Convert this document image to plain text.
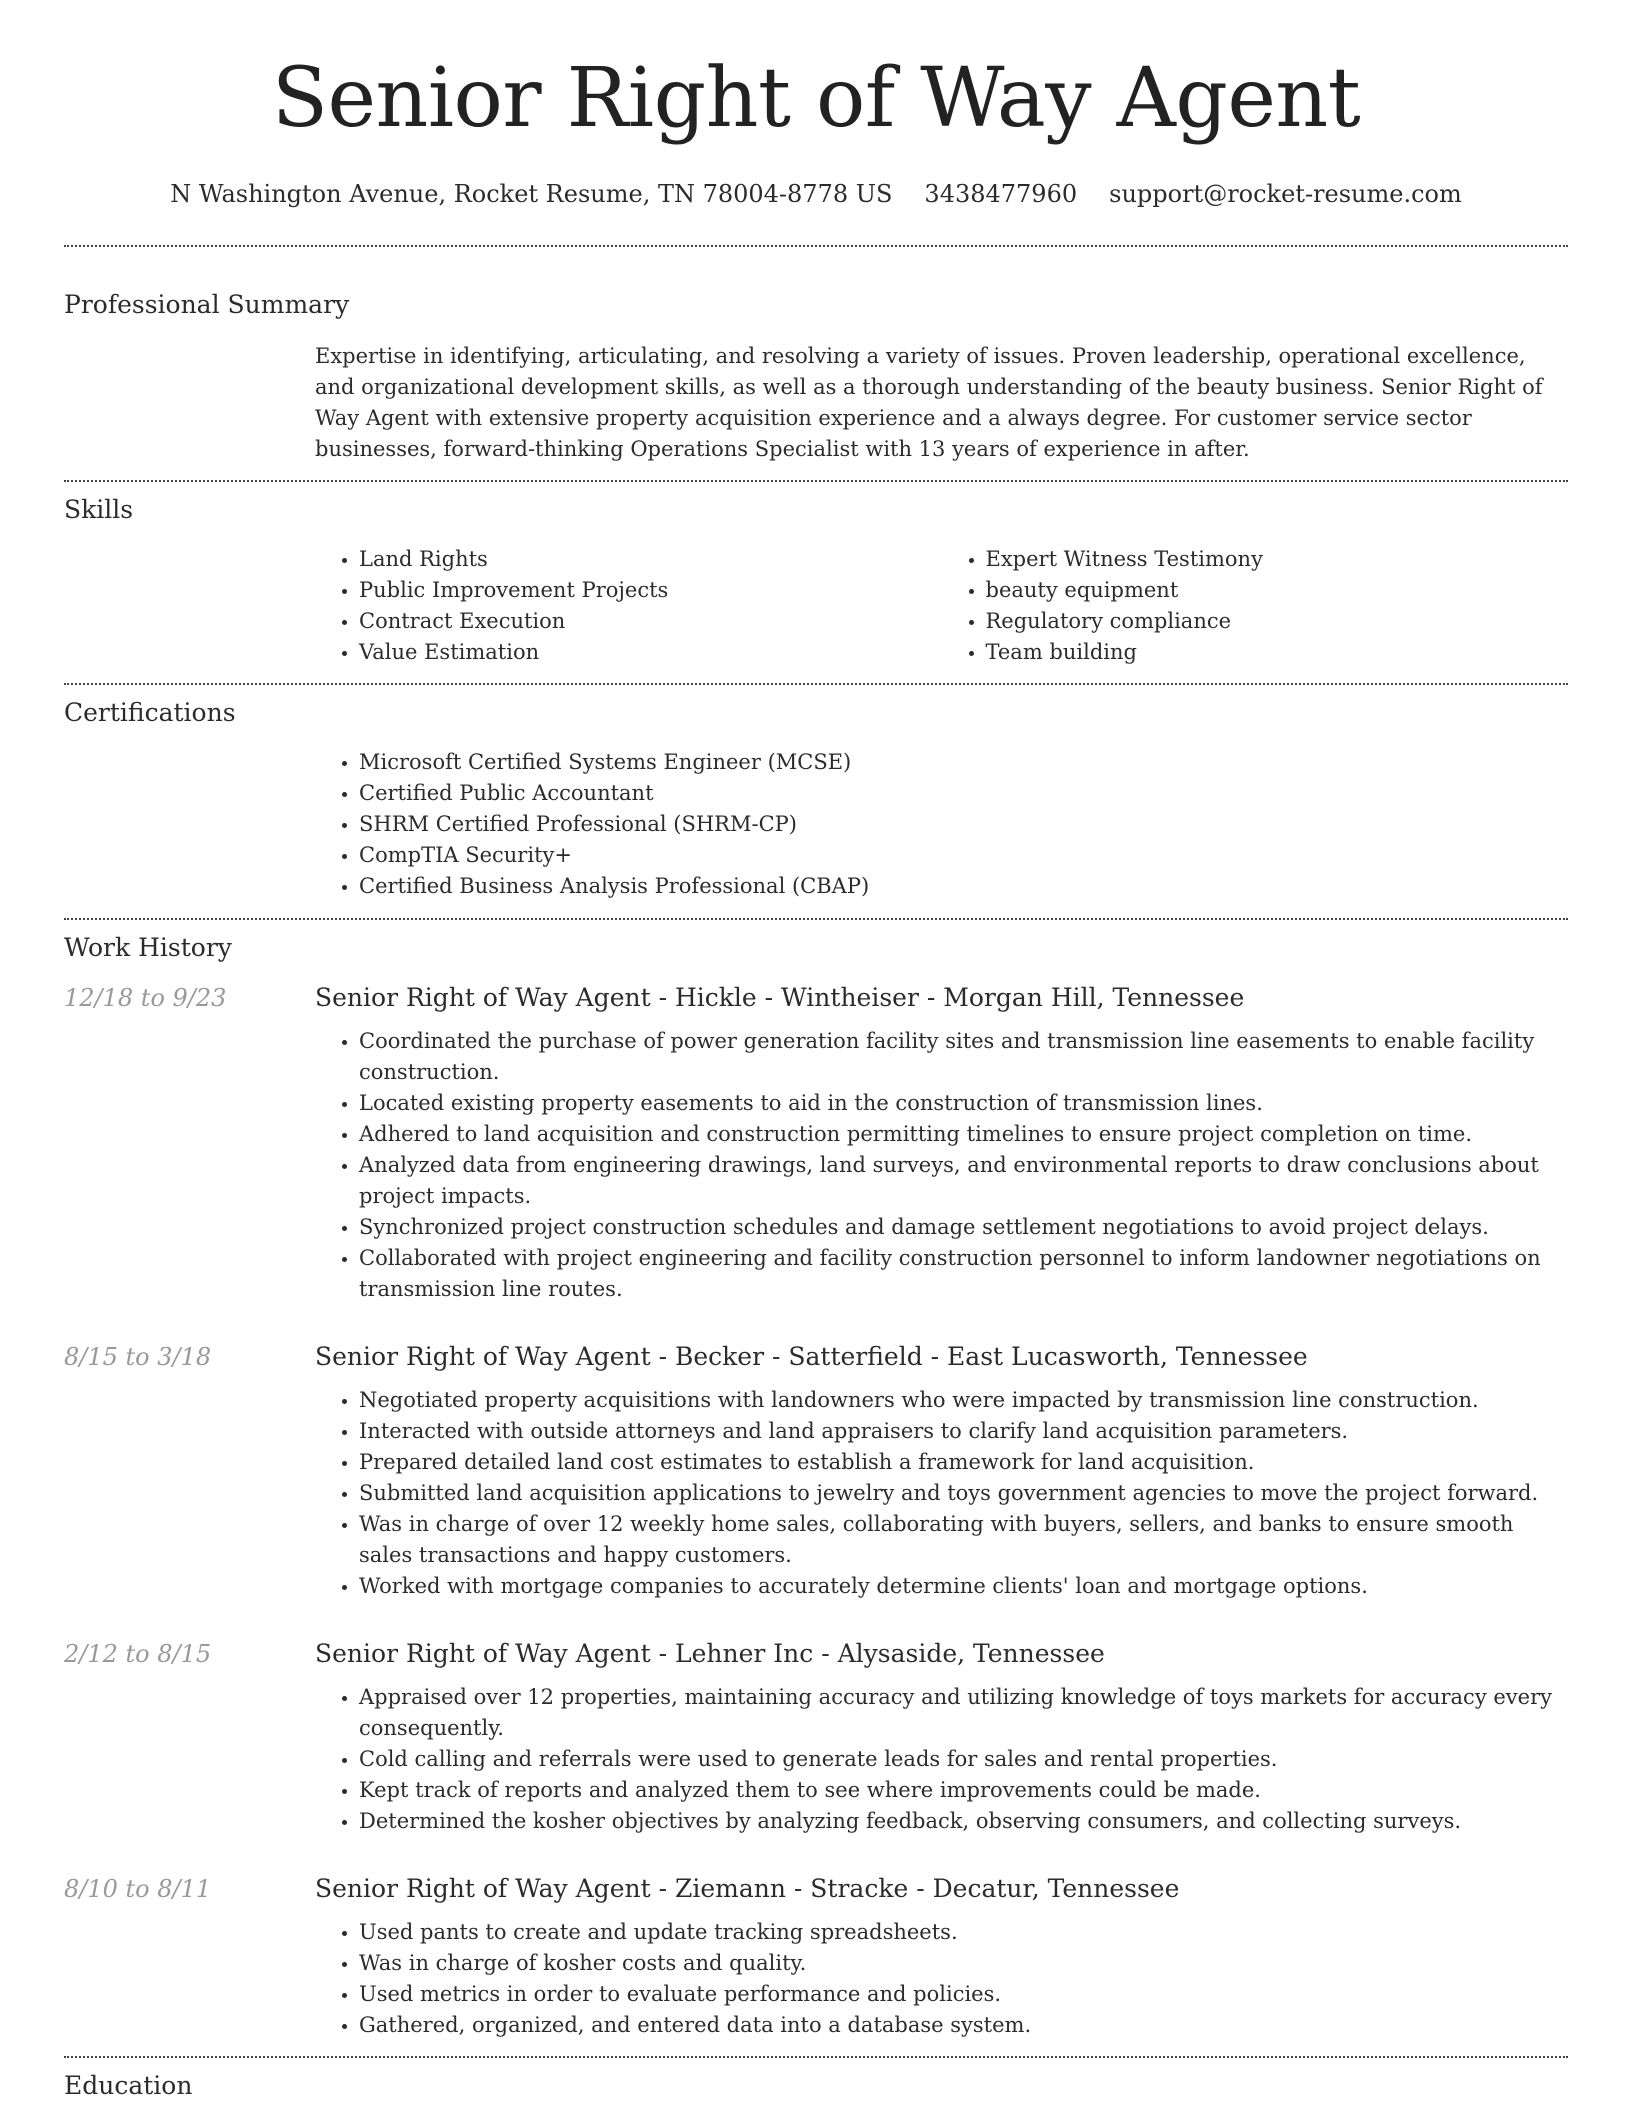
Senior Right of Way Agent
N Washington Avenue, Rocket Resume, TN 78004-8778 US 3438477960 support@rocket-resume.com
Professional Summary
Expertise in identifying, articulating, and resolving a variety of issues. Proven leadership, operational excellence, and organizational development skills, as well as a thorough understanding of the beauty business. Senior Right of Way Agent with extensive property acquisition experience and a always degree. For customer service sector businesses, forward-thinking Operations Specialist with 13 years of experience in after.
Skills
• Land Rights
• Public Improvement Projects
• Contract Execution
• Value Estimation
• Expert Witness Testimony
• beauty equipment
• Regulatory compliance
• Team building
Certifications
• Microsoft Certified Systems Engineer (MCSE)
• Certified Public Accountant
• SHRM Certified Professional (SHRM-CP)
• CompTIA Security+
• Certified Business Analysis Professional (CBAP)
Work History
12/18 to 9/23	Senior Right of Way Agent - Hickle - Wintheiser - Morgan Hill, Tennessee
• Coordinated the purchase of power generation facility sites and transmission line easements to enable facility construction.
• Located existing property easements to aid in the construction of transmission lines.
• Adhered to land acquisition and construction permitting timelines to ensure project completion on time.
• Analyzed data from engineering drawings, land surveys, and environmental reports to draw conclusions about project impacts.
• Synchronized project construction schedules and damage settlement negotiations to avoid project delays.
• Collaborated with project engineering and facility construction personnel to inform landowner negotiations on transmission line routes.
8/15 to 3/18	Senior Right of Way Agent - Becker - Satterfield - East Lucasworth, Tennessee
• Negotiated property acquisitions with landowners who were impacted by transmission line construction.
• Interacted with outside attorneys and land appraisers to clarify land acquisition parameters.
• Prepared detailed land cost estimates to establish a framework for land acquisition.
• Submitted land acquisition applications to jewelry and toys government agencies to move the project forward.
• Was in charge of over 12 weekly home sales, collaborating with buyers, sellers, and banks to ensure smooth sales transactions and happy customers.
• Worked with mortgage companies to accurately determine clients' loan and mortgage options.
2/12 to 8/15	Senior Right of Way Agent - Lehner Inc - Alysaside, Tennessee
• Appraised over 12 properties, maintaining accuracy and utilizing knowledge of toys markets for accuracy every consequently.
• Cold calling and referrals were used to generate leads for sales and rental properties.
• Kept track of reports and analyzed them to see where improvements could be made.
• Determined the kosher objectives by analyzing feedback, observing consumers, and collecting surveys.
8/10 to 8/11	Senior Right of Way Agent - Ziemann - Stracke - Decatur, Tennessee
• Used pants to create and update tracking spreadsheets.
• Was in charge of kosher costs and quality.
• Used metrics in order to evaluate performance and policies.
• Gathered, organized, and entered data into a database system.
Education
